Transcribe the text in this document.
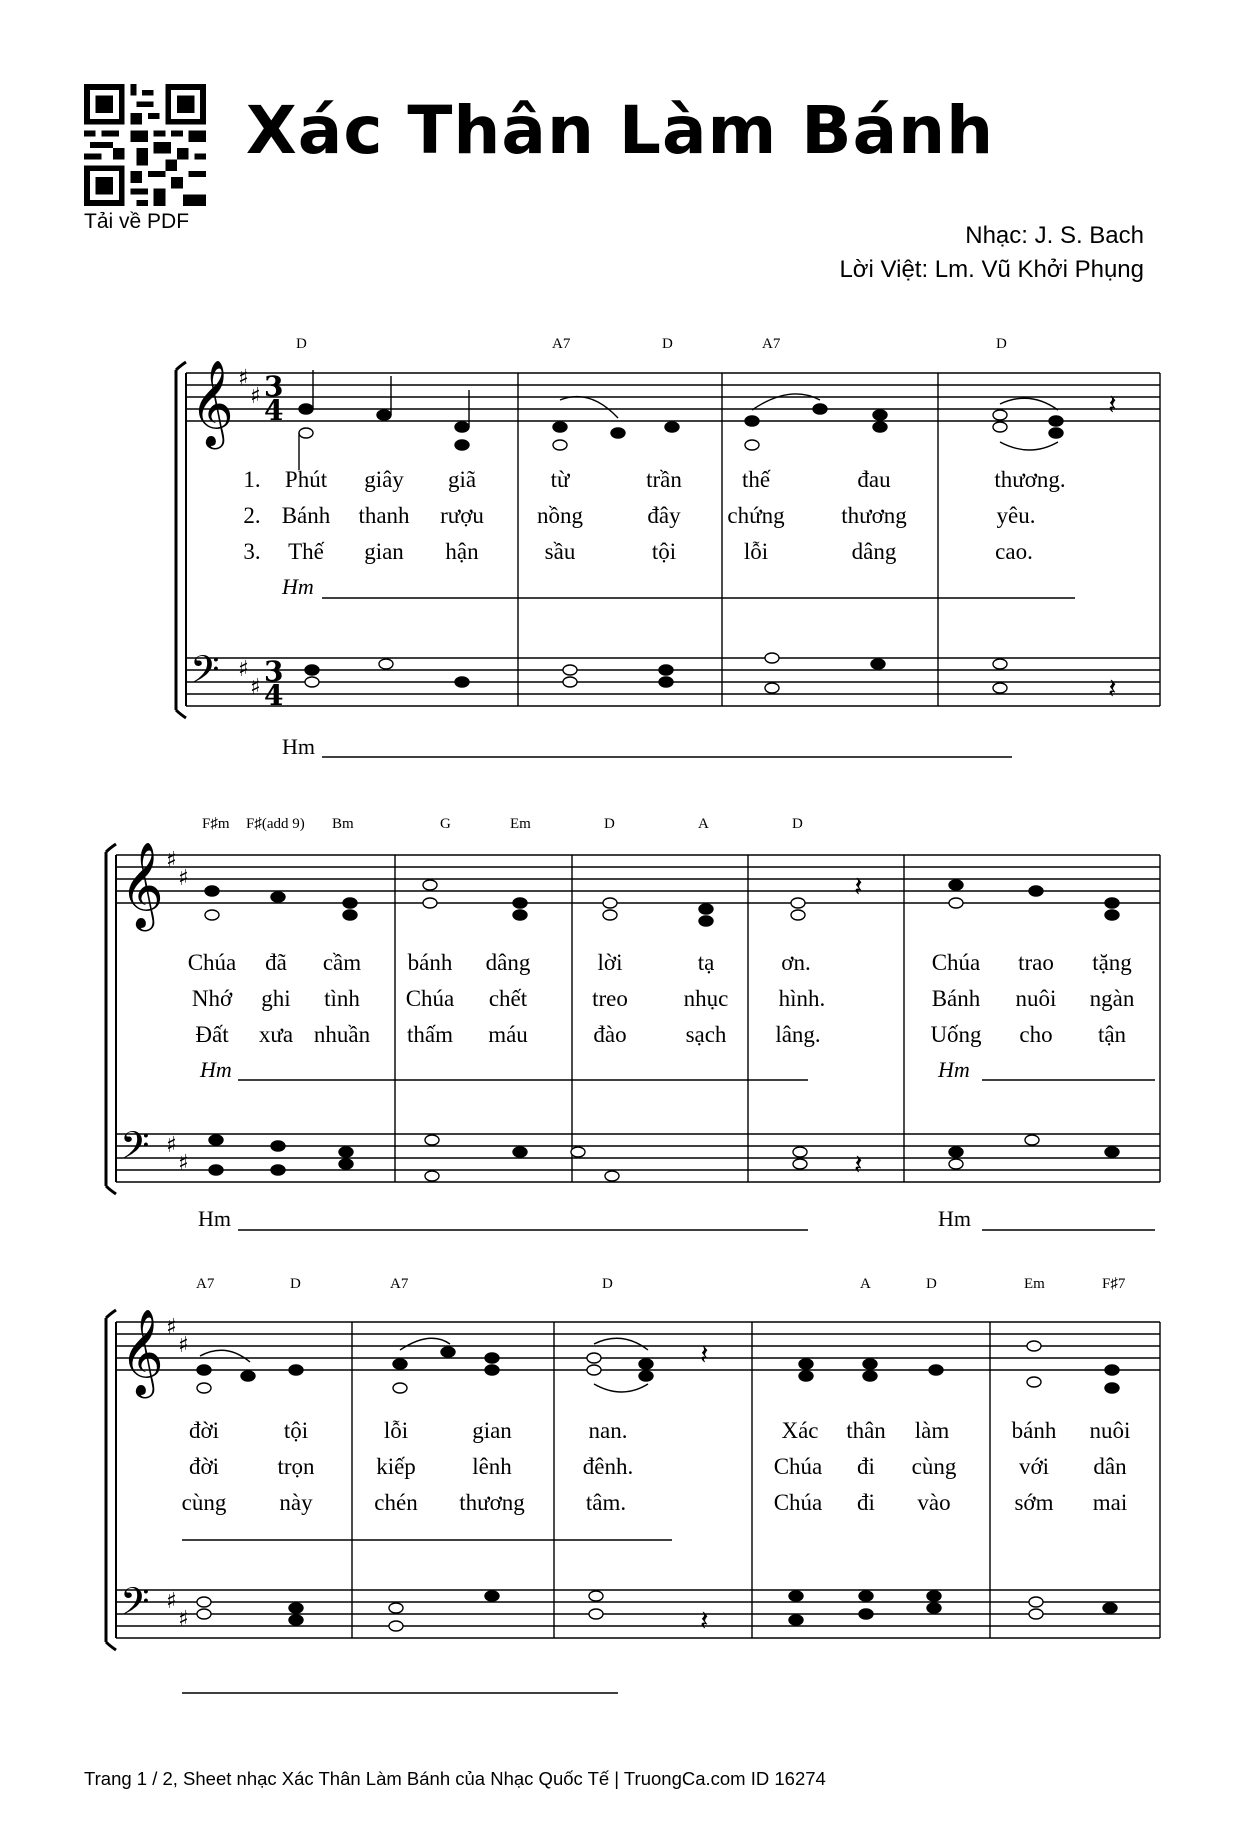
Tải về PDF
Xác Thân Làm Bánh
Nhạc: J. S. Bach
Lời Việt: Lm. Vũ Khởi Phụng
𝄞
𝄢
𝄞
𝄢
𝄞
𝄢
♯
♯
♯
♯
♯
♯
♯
♯
♯
♯
♯
♯
3
4
3
4
𝄽
𝄽
𝄽
𝄽
𝄽
𝄽
D	A7	D	A7	D
F♯m F♯(add 9) Bm	G	Em	D	A	D
A7	D	A7	D	A	D	Em	F♯7
1. Phút giây giã	từ	trần	thế	đau	thương.
2. Bánh thanh rượu nồng	đây chứng thương	yêu.
3. Thế gian hận	sầu	tội	lỗi	dâng	cao.
Hm
Hm
Chúa đã cầm bánh dâng	lời	tạ	ơn.	Chúa trao tặng
Nhớ ghi tình Chúa chết	treo nhục hình.	Bánh nuôi ngàn
Đất xưa nhuần thấm máu	đào	sạch lâng.	Uống cho tận
Hm	Hm
Hm	Hm
đời	tội	lỗi	gian	nan.	Xác thân làm	bánh nuôi
đời	trọn	kiếp lênh	đênh.	Chúa đi cùng	với dân
cùng này	chén thương	tâm.	Chúa đi vào	sớm mai
Trang 1 / 2, Sheet nhạc Xác Thân Làm Bánh của Nhạc Quốc Tế | TruongCa.com ID 16274
